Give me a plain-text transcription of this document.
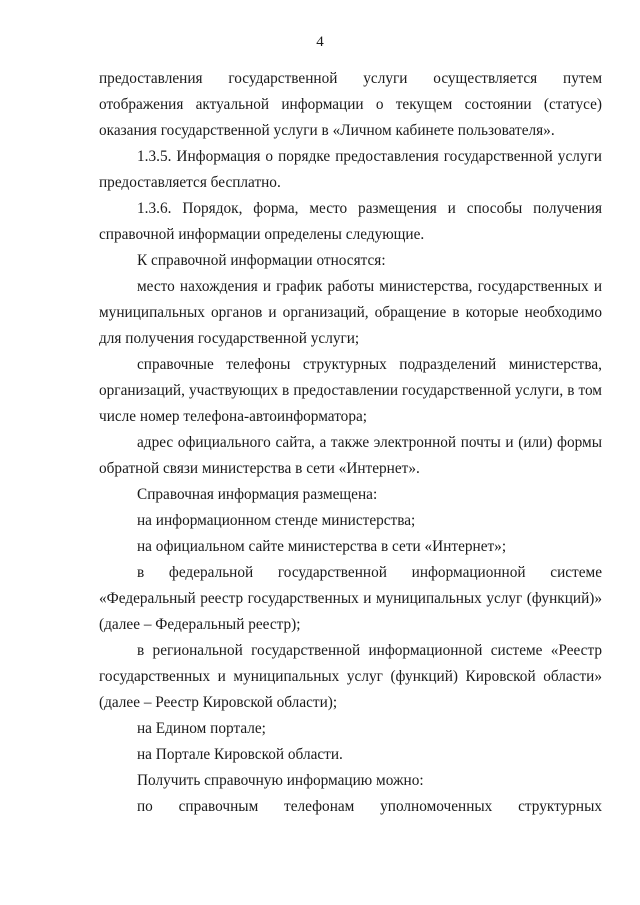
4

предоставления государственной услуги осуществляется путем отображения актуальной информации о текущем состоянии (статусе) оказания государственной услуги в «Личном кабинете пользователя».

1.3.5. Информация о порядке предоставления государственной услуги предоставляется бесплатно.

1.3.6. Порядок, форма, место размещения и способы получения справочной информации определены следующие.

К справочной информации относятся:

место нахождения и график работы министерства, государственных и муниципальных органов и организаций, обращение в которые необходимо для получения государственной услуги;

справочные телефоны структурных подразделений министерства, организаций, участвующих в предоставлении государственной услуги, в том числе номер телефона-автоинформатора;

адрес официального сайта, а также электронной почты и (или) формы обратной связи министерства в сети «Интернет».

Справочная информация размещена:

на информационном стенде министерства;

на официальном сайте министерства в сети «Интернет»;

в федеральной государственной информационной системе «Федеральный реестр государственных и муниципальных услуг (функций)» (далее – Федеральный реестр);

в региональной государственной информационной системе «Реестр государственных и муниципальных услуг (функций) Кировской области» (далее – Реестр Кировской области);

на Едином портале;

на Портале Кировской области.

Получить справочную информацию можно:

по справочным телефонам уполномоченных структурных
